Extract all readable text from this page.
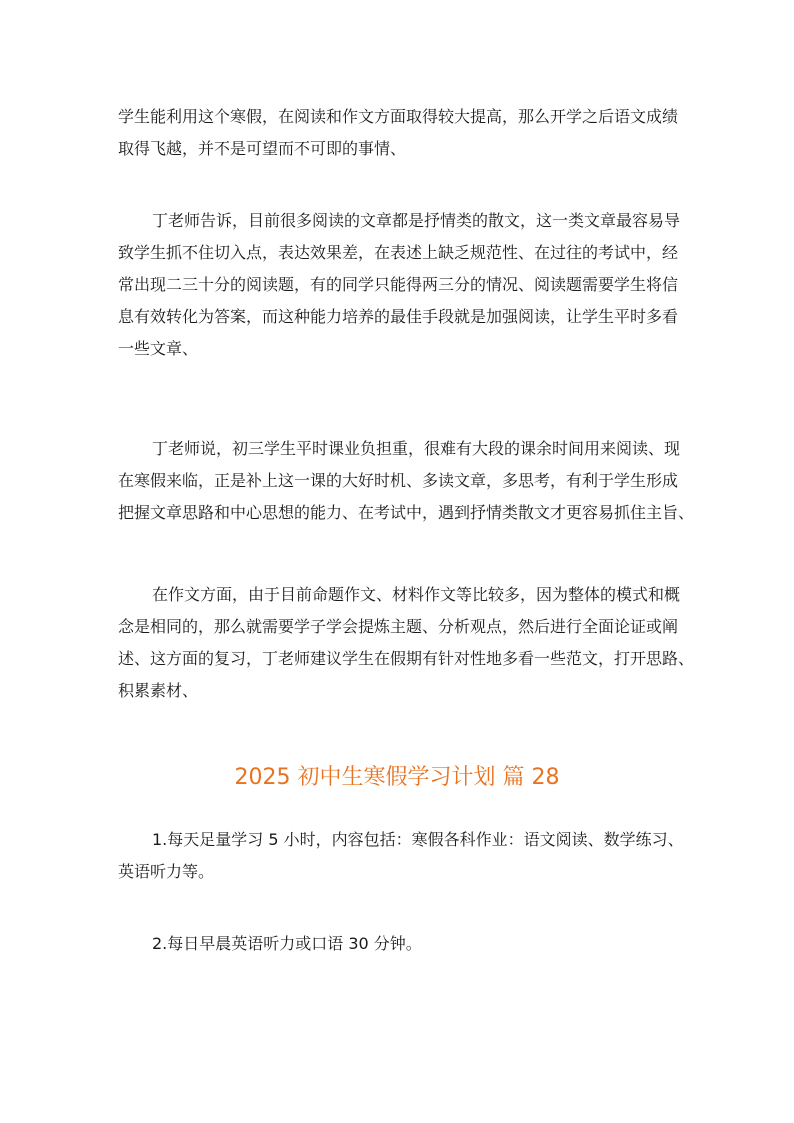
学生能利用这个寒假，在阅读和作文方面取得较大提高，那么开学之后语文成绩
取得飞越，并不是可望而不可即的事情、

丁老师告诉，目前很多阅读的文章都是抒情类的散文，这一类文章最容易导
致学生抓不住切入点，表达效果差，在表述上缺乏规范性、在过往的考试中，经
常出现二三十分的阅读题，有的同学只能得两三分的情况、阅读题需要学生将信
息有效转化为答案，而这种能力培养的最佳手段就是加强阅读，让学生平时多看
一些文章、

丁老师说，初三学生平时课业负担重，很难有大段的课余时间用来阅读、现
在寒假来临，正是补上这一课的大好时机、多读文章，多思考，有利于学生形成
把握文章思路和中心思想的能力、在考试中，遇到抒情类散文才更容易抓住主旨、

在作文方面，由于目前命题作文、材料作文等比较多，因为整体的模式和概
念是相同的，那么就需要学子学会提炼主题、分析观点，然后进行全面论证或阐
述、这方面的复习，丁老师建议学生在假期有针对性地多看一些范文，打开思路、
积累素材、

2025 初中生寒假学习计划 篇 28

1.每天足量学习 5 小时，内容包括：寒假各科作业：语文阅读、数学练习、
英语听力等。

2.每日早晨英语听力或口语 30 分钟。
